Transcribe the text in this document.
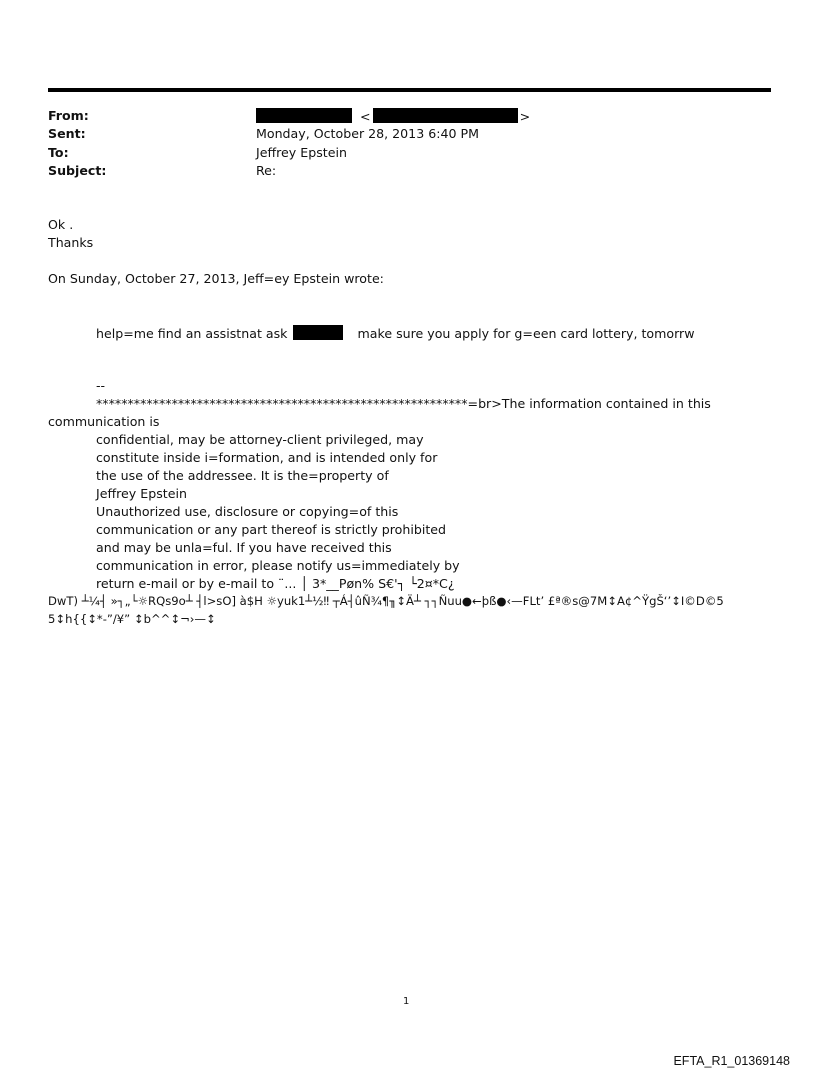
From:	<	>
Sent:	Monday, October 28, 2013 6:40 PM
To:	Jeffrey Epstein
Subject:	Re:
Ok .
Thanks
On Sunday, October 27, 2013, Jeff=ey Epstein wrote:
help=me find an assistnat ask	make sure you apply for g=een card lottery, tomorrw
--
***********************************************************=br>The information contained in this
communication is
confidential, may be attorney-client privileged, may
constitute inside i=formation, and is intended only for
the use of the addressee. It is the=property of
Jeffrey Epstein
Unauthorized use, disclosure or copying=of this
communication or any part thereof is strictly prohibited
and may be unla=ful. If you have received this
communication in error, please notify us=immediately by
return e-mail or by e-mail to ¨... │ 3*__Pøn% S€'┐ └2¤*C¿
DwT) ┴¼┤ »┐„└☼RQs9o┴ ┤l>sO] à$H ☼yuk1┴½‼ ┬Á┤ûÑ¾¶╖↕Ä┴ ┐┐Ñuu●←þß●‹—FLt’ £ª®s@7M↕A¢^ŸgŠ‘’↕I©D©5
5↕h{{↕*-”/¥” ↕b^^↕¬›—↕
1
EFTA_R1_01369148
